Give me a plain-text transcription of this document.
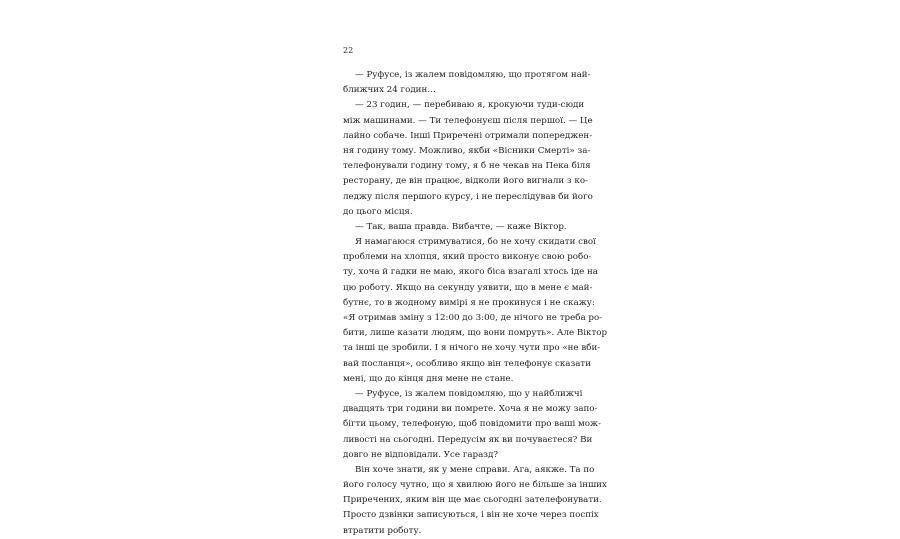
22
— Руфусе, із жалем повідомляю, що протягом най-
ближчих 24 годин…
— 23 годин, — перебиваю я, крокуючи туди-сюди
між машинами. — Ти телефонуєш після першої. — Це
лайно собаче. Інші Приречені отримали попереджен-
ня годину тому. Можливо, якби «Вісники Смерті» за-
телефонували годину тому, я б не чекав на Пека біля
ресторану, де він працює, відколи його вигнали з ко-
леджу після першого курсу, і не переслідував би його
до цього місця.
— Так, ваша правда. Вибачте, — каже Віктор.
Я намагаюся стримуватися, бо не хочу скидати свої
проблеми на хлопця, який просто виконує свою робо-
ту, хоча й гадки не маю, якого біса взагалі хтось іде на
цю роботу. Якщо на секунду уявити, що в мене є май-
бутнє, то в жодному вимірі я не прокинуся і не скажу:
«Я отримав зміну з 12:00 до 3:00, де нічого не треба ро-
бити, лише казати людям, що вони помруть». Але Віктор
та інші це зробили. І я нічого не хочу чути про «не вби-
вай посланця», особливо якщо він телефонує сказати
мені, що до кінця дня мене не стане.
— Руфусе, із жалем повідомляю, що у найближчі
двадцять три години ви помрете. Хоча я не можу запо-
бігти цьому, телефоную, щоб повідомити про ваші мож-
ливості на сьогодні. Передусім як ви почуваєтеся? Ви
довго не відповідали. Усе гаразд?
Він хоче знати, як у мене справи. Ага, аякже. Та по
його голосу чутно, що я хвилюю його не більше за інших
Приречених, яким він ще має сьогодні зателефонувати.
Просто дзвінки записуються, і він не хоче через поспіх
втратити роботу.
